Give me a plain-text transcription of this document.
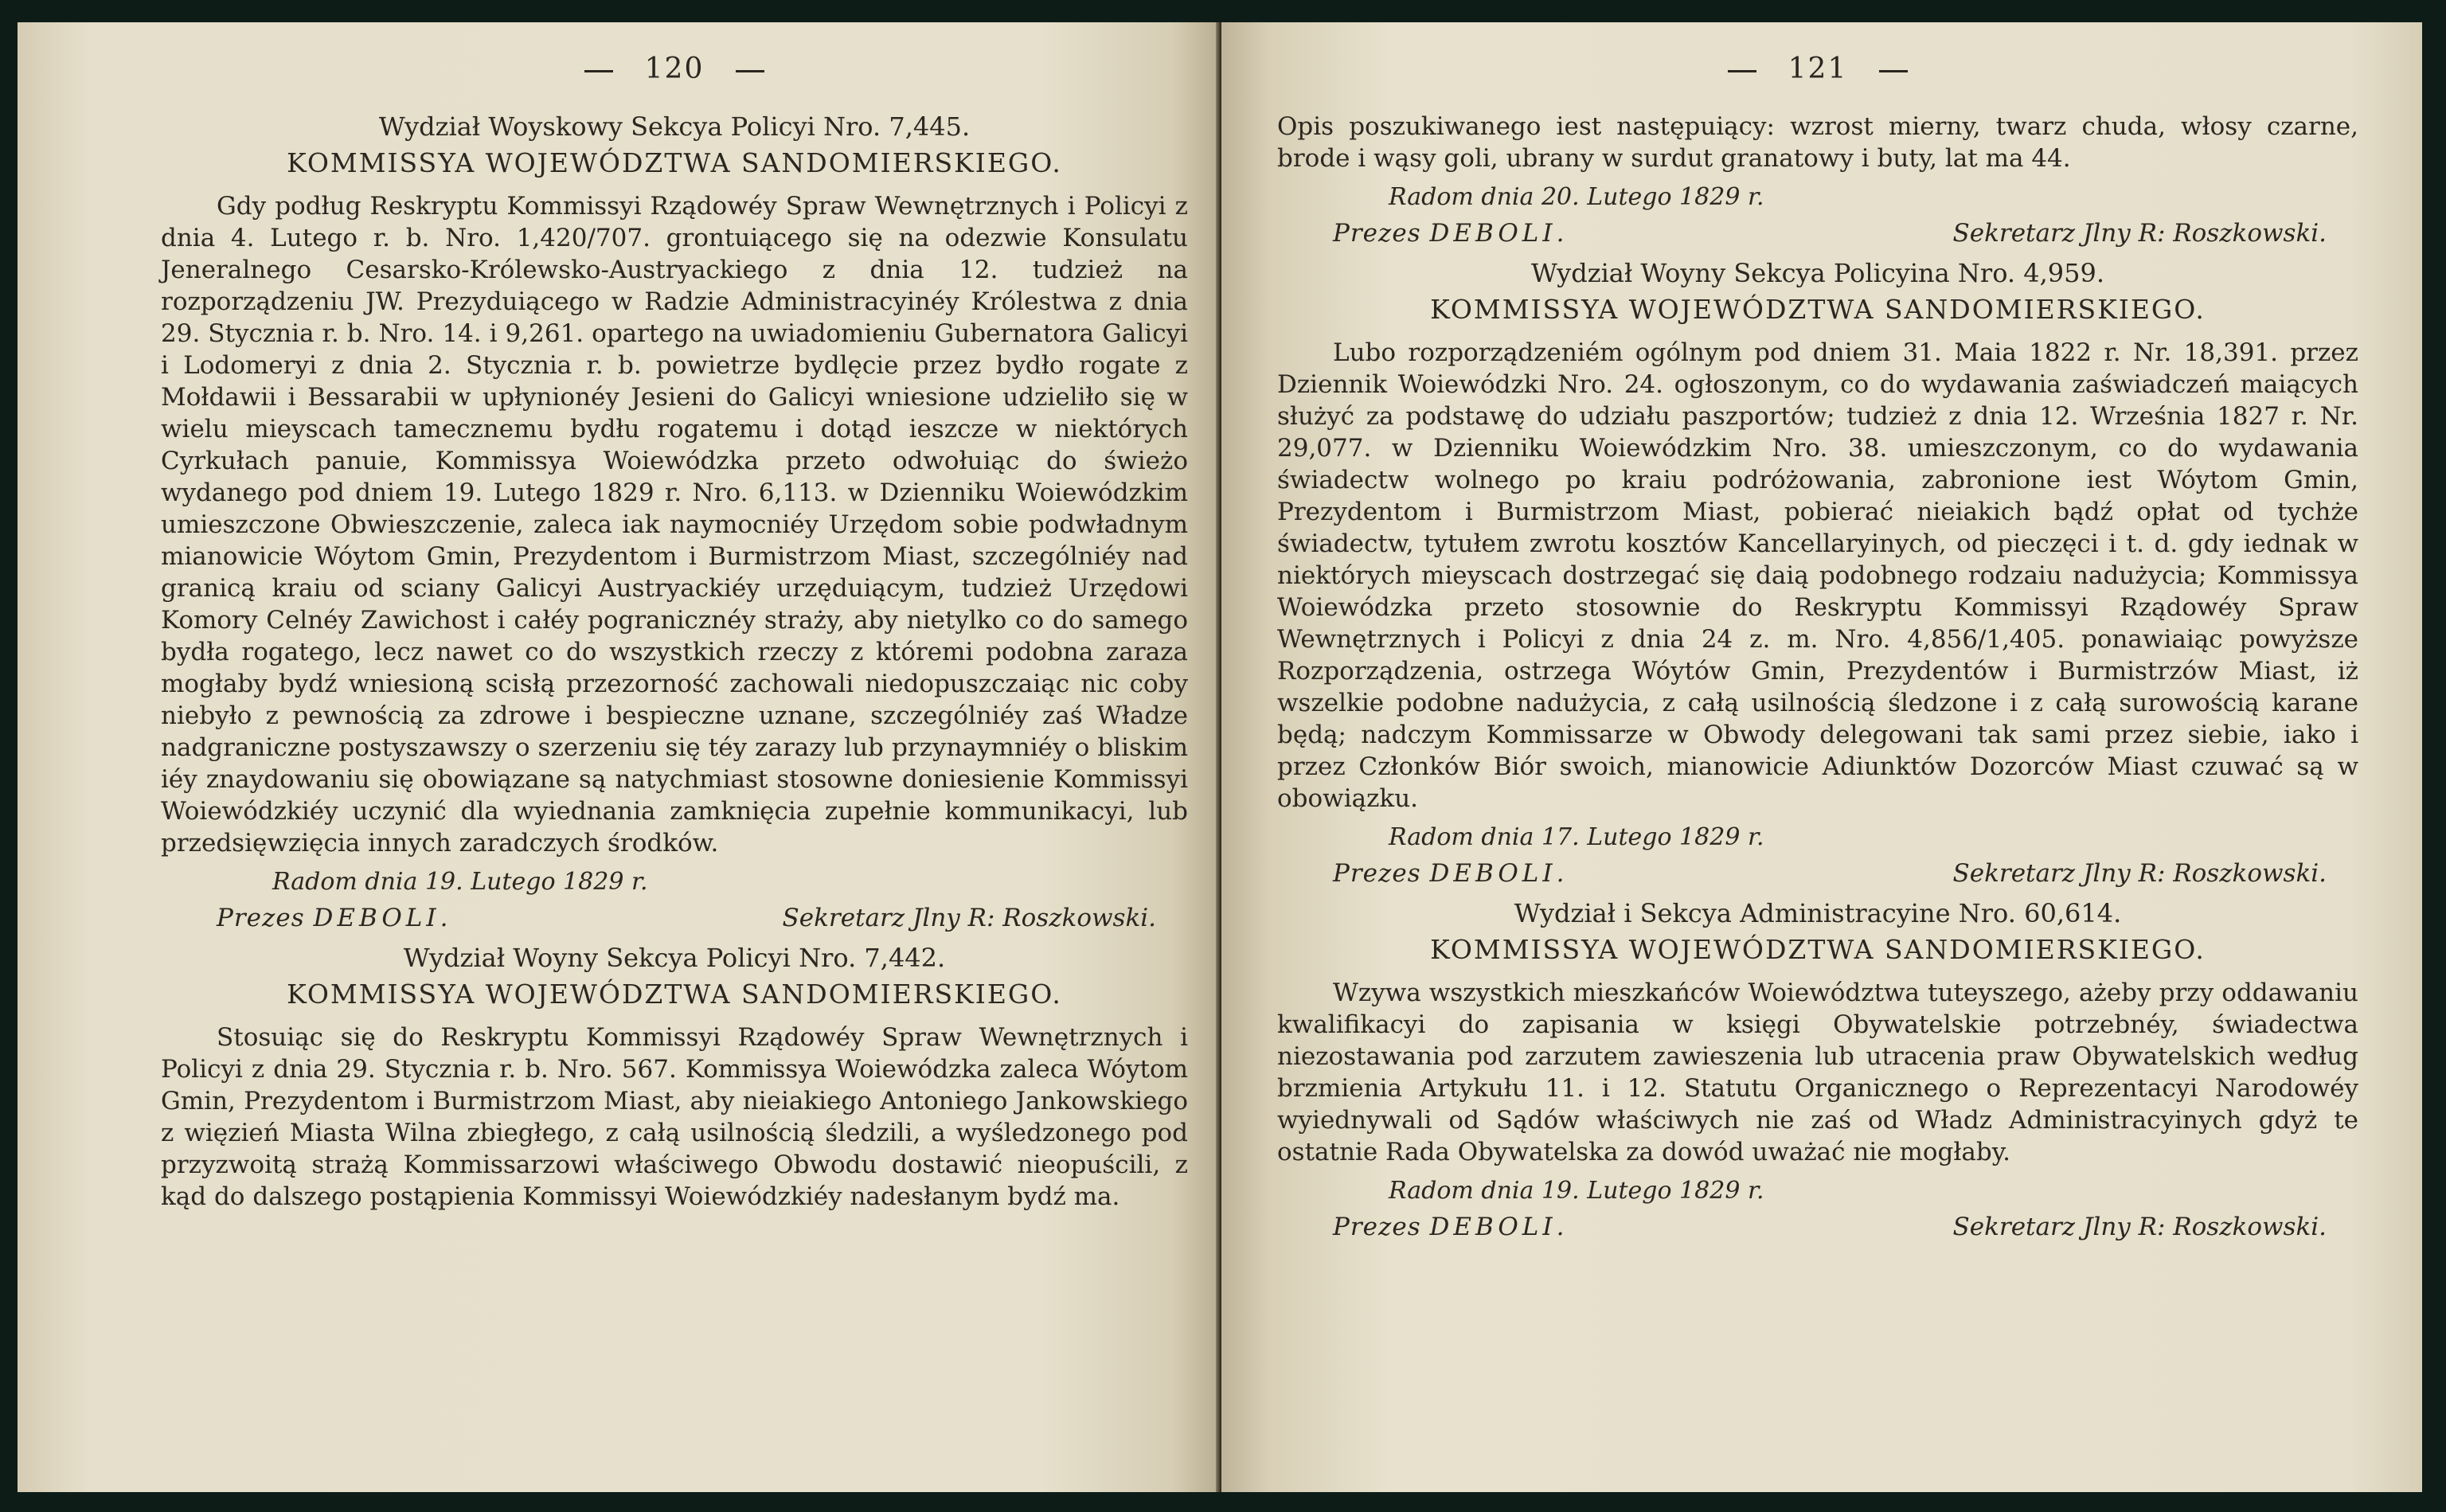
120
Wydział Woyskowy Sekcya Policyi Nro. 7,445.
KOMMISSYA WOJEWÓDZTWA SANDOMIERSKIEGO.

Gdy podług Reskryptu Kommissyi Rządowéy Spraw Wewnętrznych i Policyi z dnia 4. Lutego r. b. Nro. 1,420/707. grontuiącego się na odezwie Konsulatu Jeneralnego Cesarsko-Królewsko-Austryackiego z dnia 12. tudzież na rozporządzeniu JW. Prezyduiącego w Radzie Administracyinéy Królestwa z dnia 29. Stycznia r. b. Nro. 14. i 9,261. opartego na uwiadomieniu Gubernatora Galicyi i Lodomeryi z dnia 2. Stycznia r. b. powietrze bydlęcie przez bydło rogate z Mołdawii i Bessarabii w upłynionéy Jesieni do Galicyi wniesione udzieliło się w wielu mieyscach tamecznemu bydłu rogatemu i dotąd ieszcze w niektórych Cyrkułach panuie, Kommissya Woiewódzka przeto odwołuiąc do świeżo wydanego pod dniem 19. Lutego 1829 r. Nro. 6,113. w Dzienniku Woiewódzkim umieszczone Obwieszczenie, zaleca iak naymocniéy Urzędom sobie podwładnym mianowicie Wóytom Gmin, Prezydentom i Burmistrzom Miast, szczególniéy nad granicą kraiu od sciany Galicyi Austryackiéy urzęduiącym, tudzież Urzędowi Komory Celnéy Zawichost i całéy pogranicznéy straży, aby nietylko co do samego bydła rogatego, lecz nawet co do wszystkich rzeczy z któremi podobna zaraza mogłaby bydź wniesioną scisłą przezorność zachowali niedopuszczaiąc nic coby niebyło z pewnością za zdrowe i bespieczne uznane, szczególniéy zaś Władze nadgraniczne postyszawszy o szerzeniu się téy zarazy lub przynaymniéy o bliskim iéy znaydowaniu się obowiązane są natychmiast stosowne doniesienie Kommissyi Woiewódzkiéy uczynić dla wyiednania zamknięcia zupełnie kommunikacyi, lub przedsięwzięcia innych zaradczych środków.

Radom dnia 19. Lutego 1829 r.
Prezes DEBOLI.	Sekretarz Jlny R: Roszkowski.
Wydział Woyny Sekcya Policyi Nro. 7,442.
KOMMISSYA WOJEWÓDZTWA SANDOMIERSKIEGO.

Stosuiąc się do Reskryptu Kommissyi Rządowéy Spraw Wewnętrznych i Policyi z dnia 29. Stycznia r. b. Nro. 567. Kommissya Woiewódzka zaleca Wóytom Gmin, Prezydentom i Burmistrzom Miast, aby nieiakiego Antoniego Jankowskiego z więzień Miasta Wilna zbiegłego, z całą usilnością śledzili, a wyśledzonego pod przyzwoitą strażą Kommissarzowi właściwego Obwodu dostawić nieopuścili, z kąd do dalszego postąpienia Kommissyi Woiewódzkiéy nadesłanym bydź ma.

121

Opis poszukiwanego iest następuiący: wzrost mierny, twarz chuda, włosy czarne, brode i wąsy goli, ubrany w surdut granatowy i buty, lat ma 44.

Radom dnia 20. Lutego 1829 r.
Prezes DEBOLI.	Sekretarz Jlny R: Roszkowski.
Wydział Woyny Sekcya Policyina Nro. 4,959.
KOMMISSYA WOJEWÓDZTWA SANDOMIERSKIEGO.

Lubo rozporządzeniém ogólnym pod dniem 31. Maia 1822 r. Nr. 18,391. przez Dziennik Woiewódzki Nro. 24. ogłoszonym, co do wydawania zaświadczeń maiących służyć za podstawę do udziału paszportów; tudzież z dnia 12. Września 1827 r. Nr. 29,077. w Dzienniku Woiewódzkim Nro. 38. umieszczonym, co do wydawania świadectw wolnego po kraiu podróżowania, zabronione iest Wóytom Gmin, Prezydentom i Burmistrzom Miast, pobierać nieiakich bądź opłat od tychże świadectw, tytułem zwrotu kosztów Kancellaryinych, od pieczęci i t. d. gdy iednak w niektórych mieyscach dostrzegać się daią podobnego rodzaiu nadużycia; Kommissya Woiewódzka przeto stosownie do Reskryptu Kommissyi Rządowéy Spraw Wewnętrznych i Policyi z dnia 24 z. m. Nro. 4,856/1,405. ponawiaiąc powyższe Rozporządzenia, ostrzega Wóytów Gmin, Prezydentów i Burmistrzów Miast, iż wszelkie podobne nadużycia, z całą usilnością śledzone i z całą surowością karane będą; nadczym Kommissarze w Obwody delegowani tak sami przez siebie, iako i przez Członków Biór swoich, mianowicie Adiunktów Dozorców Miast czuwać są w obowiązku.

Radom dnia 17. Lutego 1829 r.
Prezes DEBOLI.	Sekretarz Jlny R: Roszkowski.
Wydział i Sekcya Administracyine Nro. 60,614.
KOMMISSYA WOJEWÓDZTWA SANDOMIERSKIEGO.

Wzywa wszystkich mieszkańców Woiewództwa tuteyszego, ażeby przy oddawaniu kwalifikacyi do zapisania w księgi Obywatelskie potrzebnéy, świadectwa niezostawania pod zarzutem zawieszenia lub utracenia praw Obywatelskich według brzmienia Artykułu 11. i 12. Statutu Organicznego o Reprezentacyi Narodowéy wyiednywali od Sądów właściwych nie zaś od Władz Administracyinych gdyż te ostatnie Rada Obywatelska za dowód uważać nie mogłaby.

Radom dnia 19. Lutego 1829 r.
Prezes DEBOLI.	Sekretarz Jlny R: Roszkowski.
